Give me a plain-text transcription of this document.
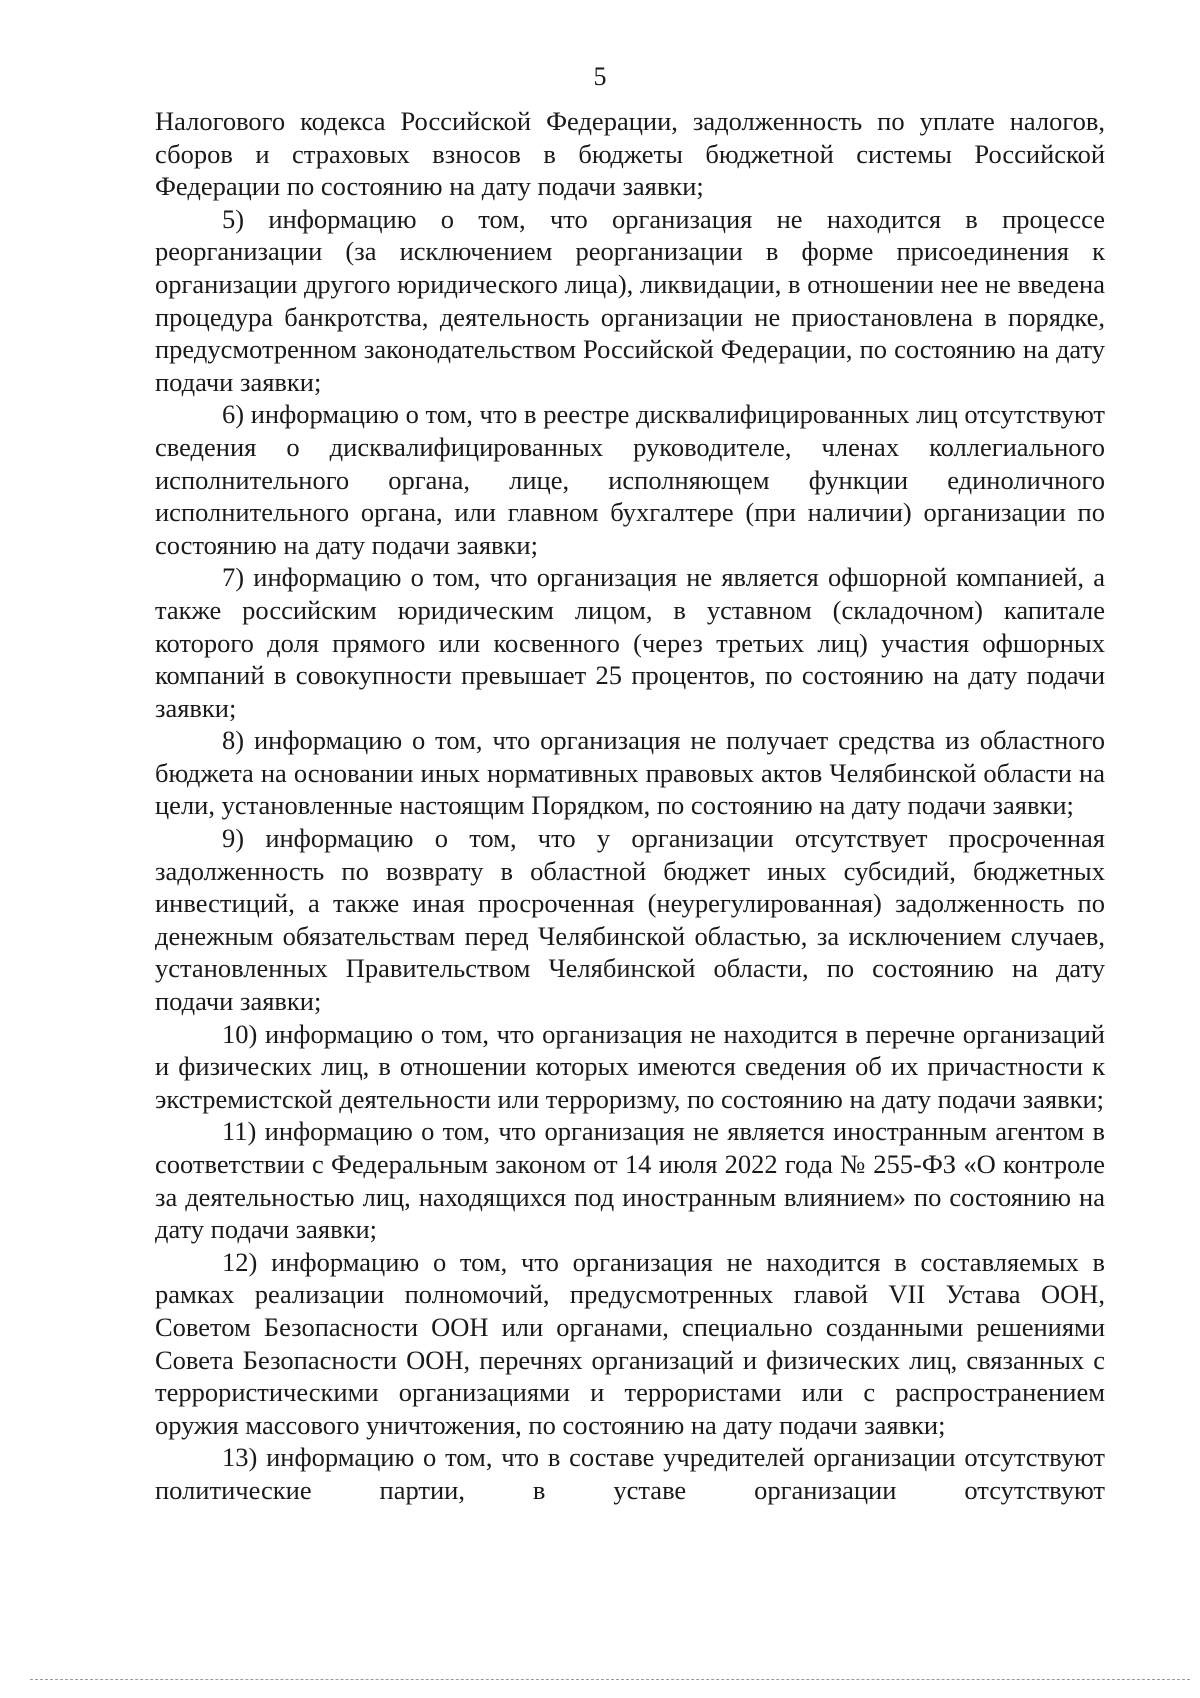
5

Налогового кодекса Российской Федерации, задолженность по уплате налогов, сборов и страховых взносов в бюджеты бюджетной системы Российской Федерации по состоянию на дату подачи заявки;

5) информацию о том, что организация не находится в процессе реорганизации (за исключением реорганизации в форме присоединения к организации другого юридического лица), ликвидации, в отношении нее не введена процедура банкротства, деятельность организации не приостановлена в порядке, предусмотренном законодательством Российской Федерации, по состоянию на дату подачи заявки;

6) информацию о том, что в реестре дисквалифицированных лиц отсутствуют сведения о дисквалифицированных руководителе, членах коллегиального исполнительного органа, лице, исполняющем функции единоличного исполнительного органа, или главном бухгалтере (при наличии) организации по состоянию на дату подачи заявки;

7) информацию о том, что организация не является офшорной компанией, а также российским юридическим лицом, в уставном (складочном) капитале которого доля прямого или косвенного (через третьих лиц) участия офшорных компаний в совокупности превышает 25 процентов, по состоянию на дату подачи заявки;

8) информацию о том, что организация не получает средства из областного бюджета на основании иных нормативных правовых актов Челябинской области на цели, установленные настоящим Порядком, по состоянию на дату подачи заявки;

9) информацию о том, что у организации отсутствует просроченная задолженность по возврату в областной бюджет иных субсидий, бюджетных инвестиций, а также иная просроченная (неурегулированная) задолженность по денежным обязательствам перед Челябинской областью, за исключением случаев, установленных Правительством Челябинской области, по состоянию на дату подачи заявки;

10) информацию о том, что организация не находится в перечне организаций и физических лиц, в отношении которых имеются сведения об их причастности к экстремистской деятельности или терроризму, по состоянию на дату подачи заявки;

11) информацию о том, что организация не является иностранным агентом в соответствии с Федеральным законом от 14 июля 2022 года № 255-ФЗ «О контроле за деятельностью лиц, находящихся под иностранным влиянием» по состоянию на дату подачи заявки;

12) информацию о том, что организация не находится в составляемых в рамках реализации полномочий, предусмотренных главой VII Устава ООН, Советом Безопасности ООН или органами, специально созданными решениями Совета Безопасности ООН, перечнях организаций и физических лиц, связанных с террористическими организациями и террористами или с распространением оружия массового уничтожения, по состоянию на дату подачи заявки;

13) информацию о том, что в составе учредителей организации отсутствуют политические партии, в уставе организации отсутствуют
